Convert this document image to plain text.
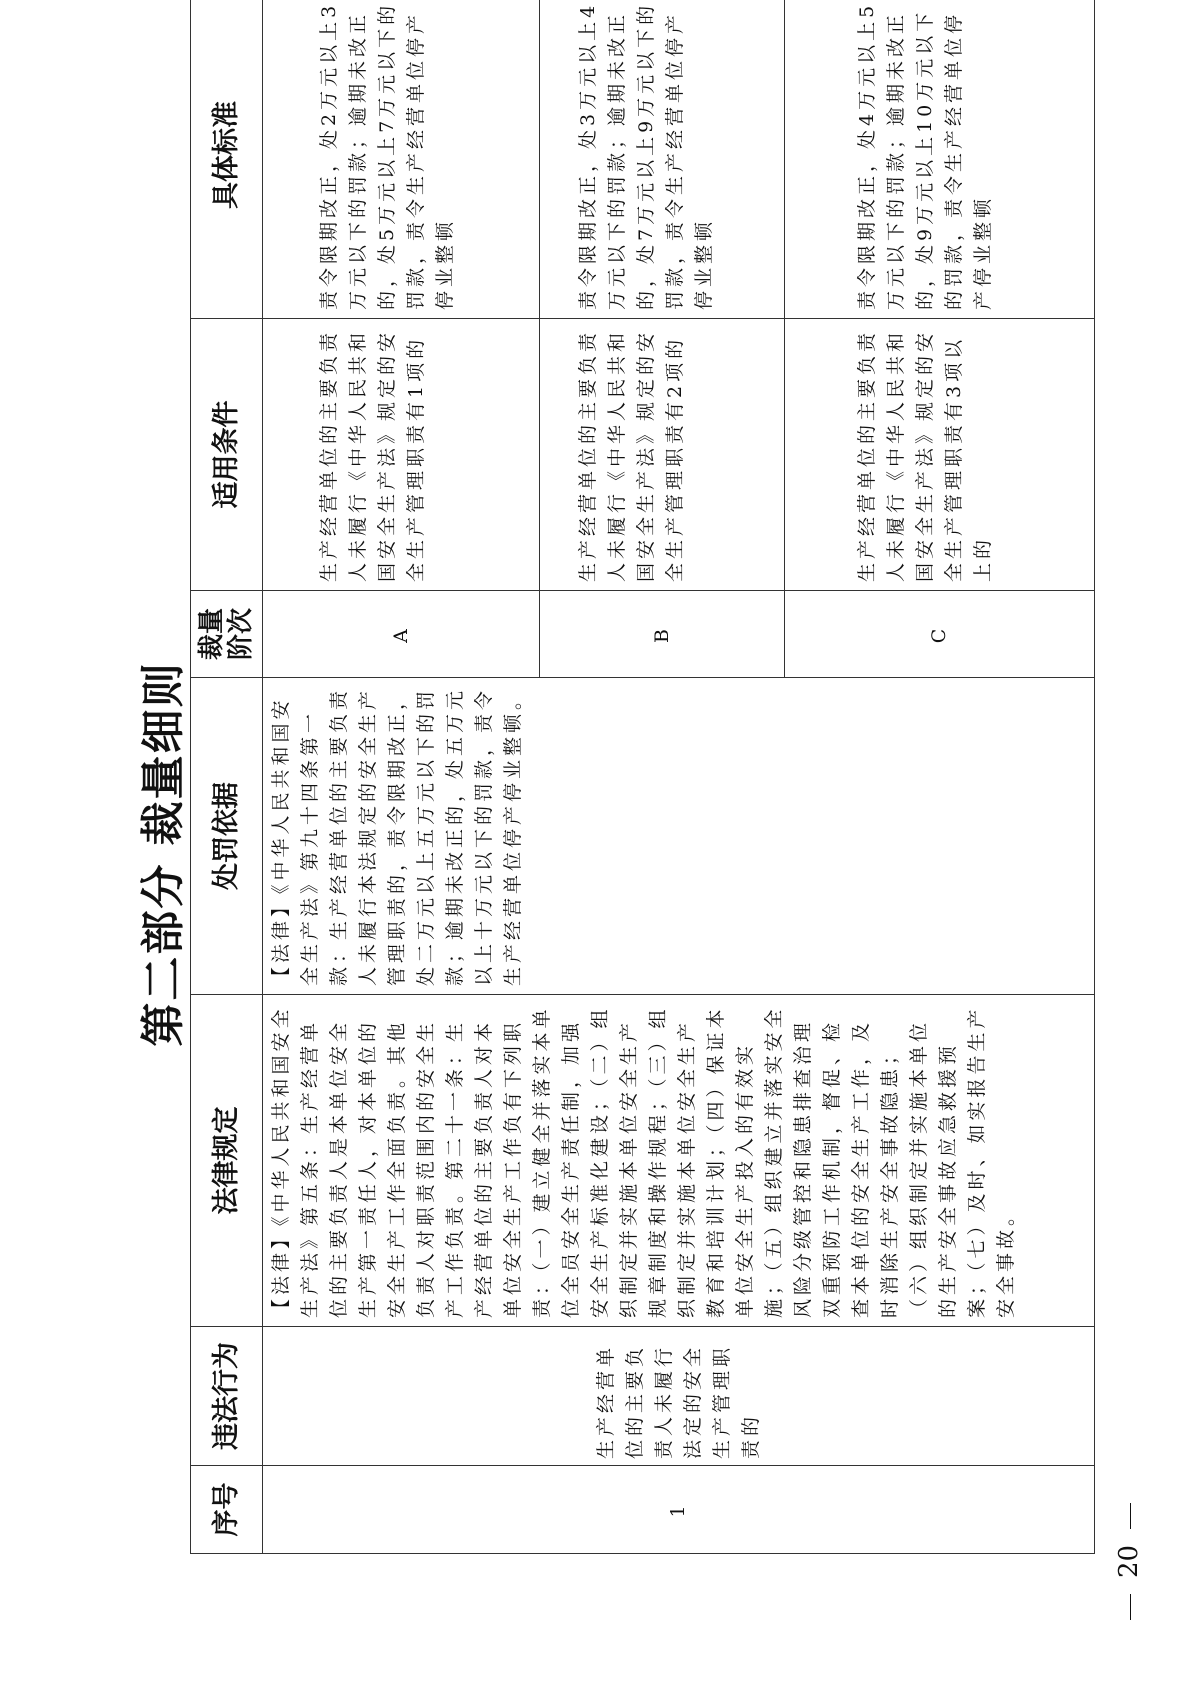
第二部分 裁量细则
序号	违法行为	法律规定	处罚依据	裁量阶次	适用条件	具体标准	
1	生产经营单位的主要负责人未履行法定的安全生产管理职责的	【法律】《中华人民共和国安全生产法》第五条：生产经营单位的主要负责人是本单位安全生产第一责任人，对本单位的安全生产工作全面负责。其他负责人对职责范围内的安全生产工作负责。第二十一条：生产经营单位的主要负责人对本单位安全生产工作负有下列职责：（一）建立健全并落实本单位全员安全生产责任制，加强安全生产标准化建设；（二）组织制定并实施本单位安全生产规章制度和操作规程；（三）组织制定并实施本单位安全生产教育和培训计划；（四）保证本单位安全生产投入的有效实施；（五）组织建立并落实安全风险分级管控和隐患排查治理双重预防工作机制，督促、检查本单位的安全生产工作，及时消除生产安全事故隐患；（六）组织制定并实施本单位的生产安全事故应急救援预案；（七）及时、如实报告生产安全事故。	【法律】《中华人民共和国安全生产法》第九十四条第一款：生产经营单位的主要负责人未履行本法规定的安全生产管理职责的，责令限期改正，处二万元以上五万元以下的罚款；逾期未改正的，处五万元以上十万元以下的罚款，责令生产经营单位停产停业整顿。	A	生产经营单位的主要负责人未履行《中华人民共和国安全生产法》规定的安全生产管理职责有1项的	责令限期改正，处2万元以上3万元以下的罚款；逾期未改正的，处5万元以上7万元以下的罚款，责令生产经营单位停产停业整顿

				B	生产经营单位的主要负责人未履行《中华人民共和国安全生产法》规定的安全生产管理职责有2项的	责令限期改正，处3万元以上4万元以下的罚款；逾期未改正的，处7万元以上9万元以下的罚款，责令生产经营单位停产停业整顿	

				C	生产经营单位的主要负责人未履行《中华人民共和国安全生产法》规定的安全生产管理职责有3项以上的	责令限期改正，处4万元以上5万元以下的罚款；逾期未改正的，处9万元以上10万元以下的罚款，责令生产经营单位停产停业整顿	
20
